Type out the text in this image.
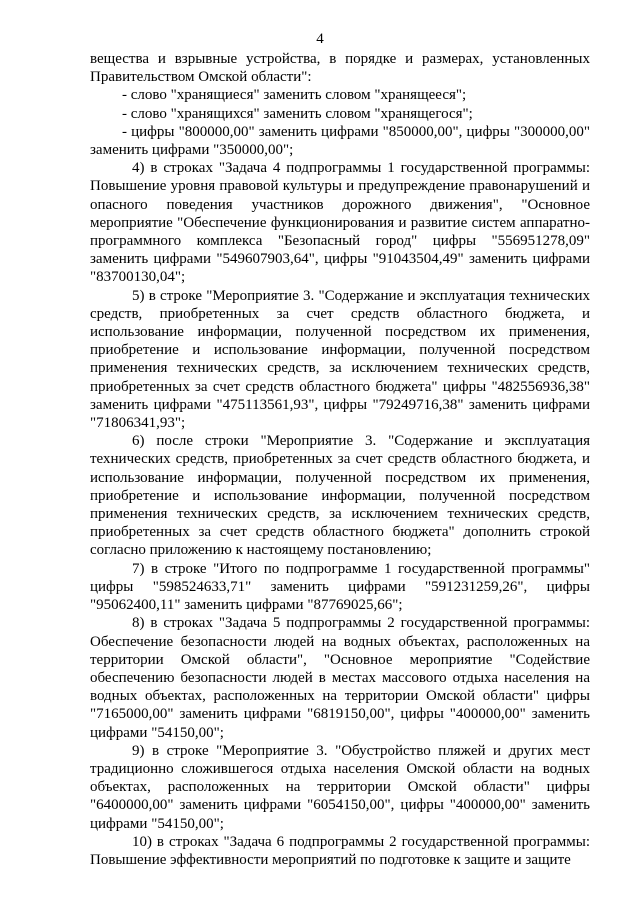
4

вещества и взрывные устройства, в порядке и размерах, установленных Правительством Омской области":

- слово "хранящиеся" заменить словом "хранящееся";

- слово "хранящихся" заменить словом "хранящегося";

- цифры "800000,00" заменить цифрами "850000,00", цифры "300000,00" заменить цифрами "350000,00";

4) в строках "Задача 4 подпрограммы 1 государственной программы: Повышение уровня правовой культуры и предупреждение правонарушений и опасного поведения участников дорожного движения", "Основное мероприятие "Обеспечение функционирования и развитие систем аппаратно-программного комплекса "Безопасный город" цифры "556951278,09" заменить цифрами "549607903,64", цифры "91043504,49" заменить цифрами "83700130,04";

5) в строке "Мероприятие 3. "Содержание и эксплуатация технических средств, приобретенных за счет средств областного бюджета, и использование информации, полученной посредством их применения, приобретение и использование информации, полученной посредством применения технических средств, за исключением технических средств, приобретенных за счет средств областного бюджета" цифры "482556936,38" заменить цифрами "475113561,93", цифры "79249716,38" заменить цифрами "71806341,93";

6) после строки "Мероприятие 3. "Содержание и эксплуатация технических средств, приобретенных за счет средств областного бюджета, и использование информации, полученной посредством их применения, приобретение и использование информации, полученной посредством применения технических средств, за исключением технических средств, приобретенных за счет средств областного бюджета" дополнить строкой согласно приложению к настоящему постановлению;

7) в строке "Итого по подпрограмме 1 государственной программы" цифры "598524633,71" заменить цифрами "591231259,26", цифры "95062400,11" заменить цифрами "87769025,66";

8) в строках "Задача 5 подпрограммы 2 государственной программы: Обеспечение безопасности людей на водных объектах, расположенных на территории Омской области", "Основное мероприятие "Содействие обеспечению безопасности людей в местах массового отдыха населения на водных объектах, расположенных на территории Омской области" цифры "7165000,00" заменить цифрами "6819150,00", цифры "400000,00" заменить цифрами "54150,00";

9) в строке "Мероприятие 3. "Обустройство пляжей и других мест традиционно сложившегося отдыха населения Омской области на водных объектах, расположенных на территории Омской области" цифры "6400000,00" заменить цифрами "6054150,00", цифры "400000,00" заменить цифрами "54150,00";

10) в строках "Задача 6 подпрограммы 2 государственной программы: Повышение эффективности мероприятий по подготовке к защите и защите
